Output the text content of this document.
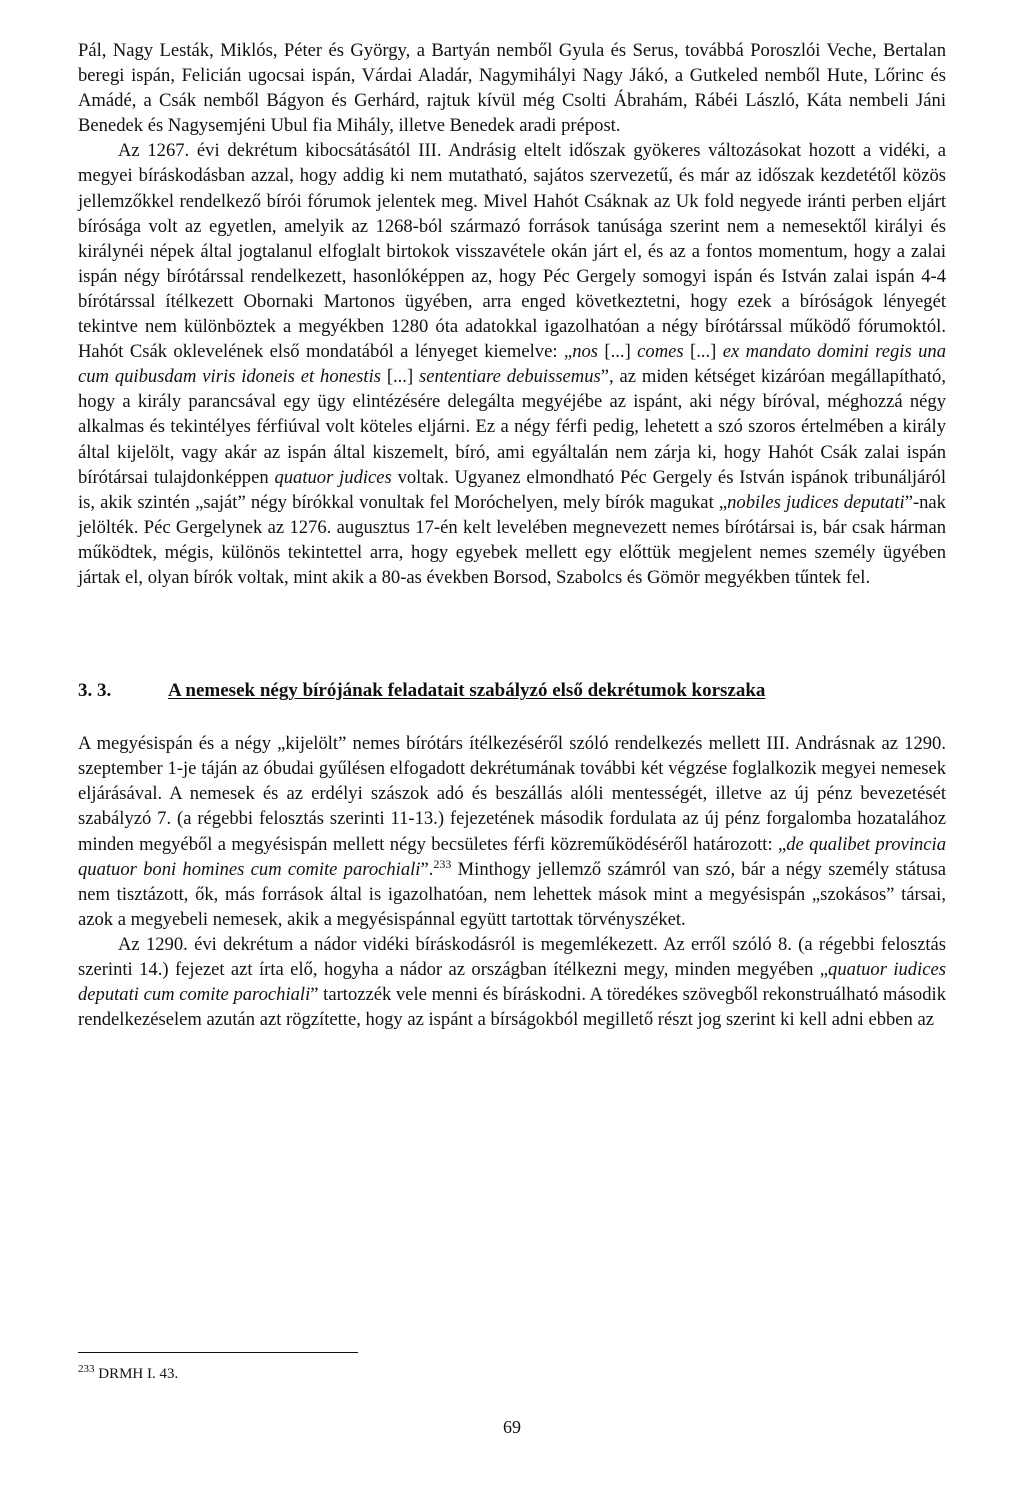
Pál, Nagy Lesták, Miklós, Péter és György, a Bartyán nemből Gyula és Serus, továbbá Poroszlói Veche, Bertalan beregi ispán, Felicián ugocsai ispán, Várdai Aladár, Nagymihályi Nagy Jákó, a Gutkeled nemből Hute, Lőrinc és Amádé, a Csák nemből Bágyon és Gerhárd, rajtuk kívül még Csolti Ábrahám, Rábéi László, Káta nembeli Jáni Benedek és Nagysemjéni Ubul fia Mihály, illetve Benedek aradi prépost.

Az 1267. évi dekrétum kibocsátásától III. Andrásig eltelt időszak gyökeres változásokat hozott a vidéki, a megyei bíráskodásban azzal, hogy addig ki nem mutatható, sajátos szervezetű, és már az időszak kezdetétől közös jellemzőkkel rendelkező bírói fórumok jelentek meg. Mivel Hahót Csáknak az Uk fold negyede iránti perben eljárt bírósága volt az egyetlen, amelyik az 1268-ból származó források tanúsága szerint nem a nemesektől királyi és királynéi népek által jogtalanul elfoglalt birtokok visszavétele okán járt el, és az a fontos momentum, hogy a zalai ispán négy bírótárssal rendelkezett, hasonlóképpen az, hogy Péc Gergely somogyi ispán és István zalai ispán 4-4 bírótárssal ítélkezett Obornaki Martonos ügyében, arra enged következtetni, hogy ezek a bíróságok lényegét tekintve nem különböztek a megyékben 1280 óta adatokkal igazolhatóan a négy bírótárssal működő fórumoktól. Hahót Csák oklevelének első mondatából a lényeget kiemelve: „nos [...] comes [...] ex mandato domini regis una cum quibusdam viris idoneis et honestis [...] sententiare debuissemus”, az miden kétséget kizáróan megállapítható, hogy a király parancsával egy ügy elintézésére delegálta megyéjébe az ispánt, aki négy bíróval, méghozzá négy alkalmas és tekintélyes férfiúval volt köteles eljárni. Ez a négy férfi pedig, lehetett a szó szoros értelmében a király által kijelölt, vagy akár az ispán által kiszemelt, bíró, ami egyáltalán nem zárja ki, hogy Hahót Csák zalai ispán bírótársai tulajdonképpen quatuor judices voltak. Ugyanez elmondható Péc Gergely és István ispánok tribunáljáról is, akik szintén „saját” négy bírókkal vonultak fel Moróchelyen, mely bírók magukat „nobiles judices deputati”-nak jelölték. Péc Gergelynek az 1276. augusztus 17-én kelt levelében megnevezett nemes bírótársai is, bár csak hárman működtek, mégis, különös tekintettel arra, hogy egyebek mellett egy előttük megjelent nemes személy ügyében jártak el, olyan bírók voltak, mint akik a 80-as években Borsod, Szabolcs és Gömör megyékben tűntek fel.

3. 3.	A nemesek négy bírójának feladatait szabályzó első dekrétumok korszaka

A megyésispán és a négy „kijelölt” nemes bírótárs ítélkezéséről szóló rendelkezés mellett III. Andrásnak az 1290. szeptember 1-je táján az óbudai gyűlésen elfogadott dekrétumának további két végzése foglalkozik megyei nemesek eljárásával. A nemesek és az erdélyi szászok adó és beszállás alóli mentességét, illetve az új pénz bevezetését szabályzó 7. (a régebbi felosztás szerinti 11-13.) fejezetének második fordulata az új pénz forgalomba hozatalához minden megyéből a megyésispán mellett négy becsületes férfi közreműködéséről határozott: „de qualibet provincia quatuor boni homines cum comite parochiali”.$^{233}$ Minthogy jellemző számról van szó, bár a négy személy státusa nem tisztázott, ők, más források által is igazolhatóan, nem lehettek mások mint a megyésispán „szokásos” társai, azok a megyebeli nemesek, akik a megyésispánnal együtt tartottak törvényszéket.

Az 1290. évi dekrétum a nádor vidéki bíráskodásról is megemlékezett. Az erről szóló 8. (a régebbi felosztás szerinti 14.) fejezet azt írta elő, hogyha a nádor az országban ítélkezni megy, minden megyében „quatuor iudices deputati cum comite parochiali” tartozzék vele menni és bíráskodni. A töredékes szövegből rekonstruálható második rendelkezéselem azután azt rögzítette, hogy az ispánt a bírságokból megillető részt jog szerint ki kell adni ebben az

$^{233}$ DRMH I. 43.
69
